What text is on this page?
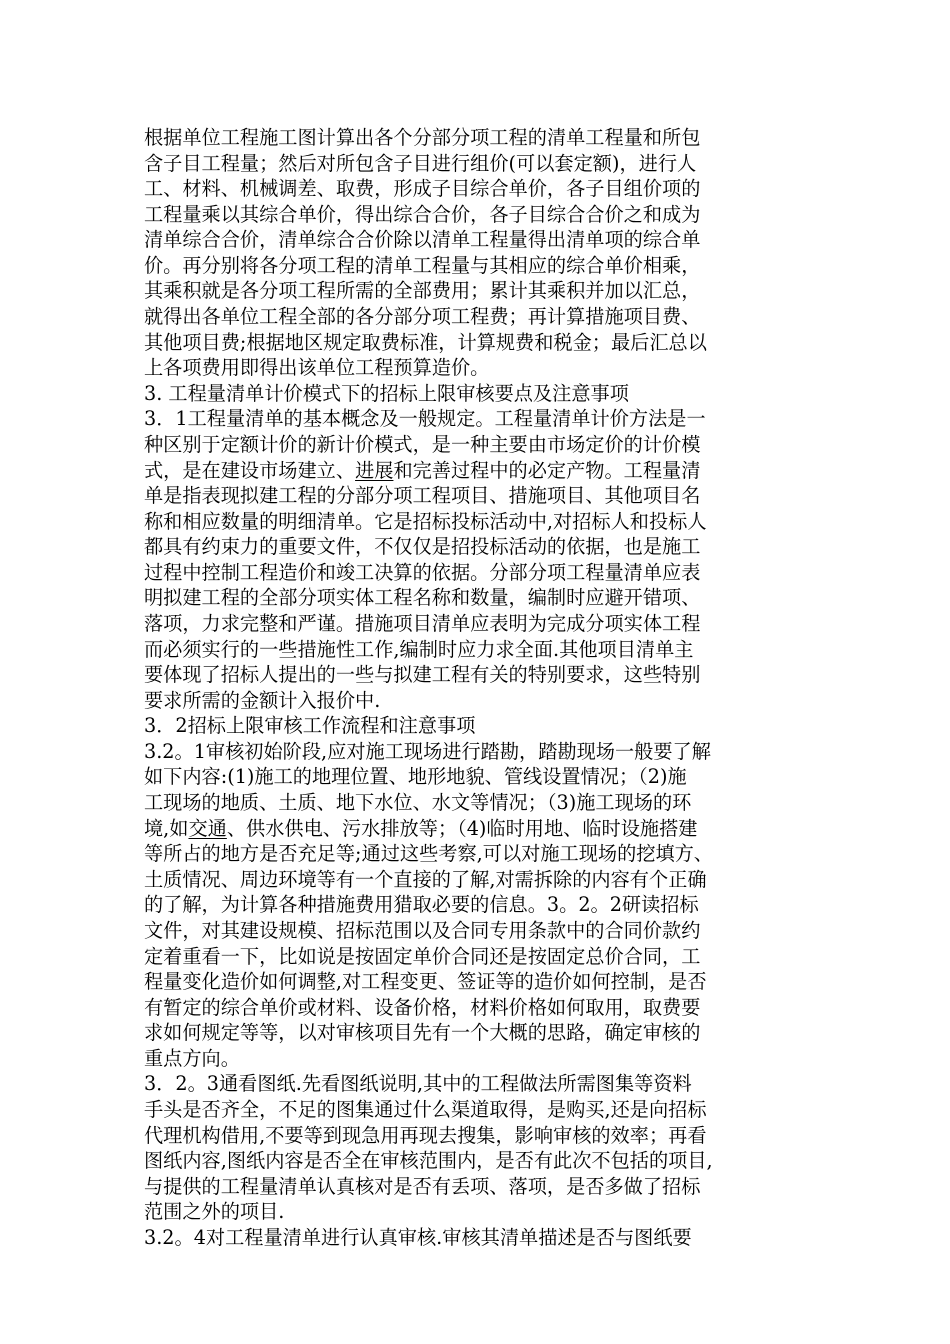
根据单位工程施工图计算出各个分部分项工程的清单工程量和所包
含子目工程量；然后对所包含子目进行组价(可以套定额)，进行人
工、材料、机械调差、取费，形成子目综合单价，各子目组价项的
工程量乘以其综合单价，得出综合合价，各子目综合合价之和成为
清单综合合价，清单综合合价除以清单工程量得出清单项的综合单
价。再分别将各分项工程的清单工程量与其相应的综合单价相乘，
其乘积就是各分项工程所需的全部费用；累计其乘积并加以汇总，
就得出各单位工程全部的各分部分项工程费；再计算措施项目费、
其他项目费;根据地区规定取费标准，计算规费和税金；最后汇总以
上各项费用即得出该单位工程预算造价。
3. 工程量清单计价模式下的招标上限审核要点及注意事项
3．1工程量清单的基本概念及一般规定。工程量清单计价方法是一
种区别于定额计价的新计价模式，是一种主要由市场定价的计价模
式，是在建设市场建立、进展和完善过程中的必定产物。工程量清
单是指表现拟建工程的分部分项工程项目、措施项目、其他项目名
称和相应数量的明细清单。它是招标投标活动中,对招标人和投标人
都具有约束力的重要文件，不仅仅是招投标活动的依据，也是施工
过程中控制工程造价和竣工决算的依据。分部分项工程量清单应表
明拟建工程的全部分项实体工程名称和数量，编制时应避开错项、
落项，力求完整和严谨。措施项目清单应表明为完成分项实体工程
而必须实行的一些措施性工作,编制时应力求全面.其他项目清单主
要体现了招标人提出的一些与拟建工程有关的特别要求，这些特别
要求所需的金额计入报价中.
3．2招标上限审核工作流程和注意事项
3.2。1审核初始阶段,应对施工现场进行踏勘，踏勘现场一般要了解
如下内容:(1)施工的地理位置、地形地貌、管线设置情况；（2)施
工现场的地质、土质、地下水位、水文等情况；（3)施工现场的环
境,如交通、供水供电、污水排放等；（4)临时用地、临时设施搭建
等所占的地方是否充足等;通过这些考察,可以对施工现场的挖填方、
土质情况、周边环境等有一个直接的了解,对需拆除的内容有个正确
的了解，为计算各种措施费用猎取必要的信息。3。2。2研读招标
文件，对其建设规模、招标范围以及合同专用条款中的合同价款约
定着重看一下，比如说是按固定单价合同还是按固定总价合同，工
程量变化造价如何调整,对工程变更、签证等的造价如何控制，是否
有暂定的综合单价或材料、设备价格，材料价格如何取用，取费要
求如何规定等等，以对审核项目先有一个大概的思路，确定审核的
重点方向。
3．2。3通看图纸.先看图纸说明,其中的工程做法所需图集等资料
手头是否齐全，不足的图集通过什么渠道取得，是购买,还是向招标
代理机构借用,不要等到现急用再现去搜集，影响审核的效率；再看
图纸内容,图纸内容是否全在审核范围内，是否有此次不包括的项目,
与提供的工程量清单认真核对是否有丢项、落项，是否多做了招标
范围之外的项目.
3.2。4对工程量清单进行认真审核.审核其清单描述是否与图纸要
